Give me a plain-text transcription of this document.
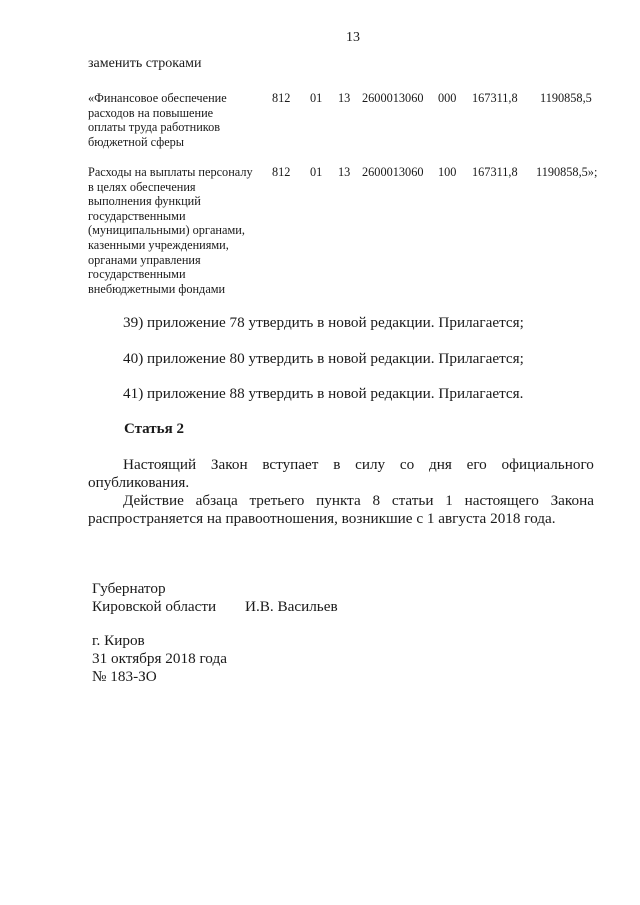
13
заменить строками
«Финансовое обеспечение
расходов на повышение
оплаты труда работников
бюджетной сферы
812 01 13 2600013060 000 167311,8 1190858,5
Расходы на выплаты персоналу
в целях обеспечения
выполнения функций
государственными
(муниципальными) органами,
казенными учреждениями,
органами управления
государственными
внебюджетными фондами
812 01 13 2600013060 100 167311,8 1190858,5»;
39) приложение 78 утвердить в новой редакции. Прилагается;
40) приложение 80 утвердить в новой редакции. Прилагается;
41) приложение 88 утвердить в новой редакции. Прилагается.
Статья 2
Настоящий Закон вступает в силу со дня его официального
опубликования.
Действие абзаца третьего пункта 8 статьи 1 настоящего Закона
распространяется на правоотношения, возникшие с 1 августа 2018 года.
Губернатор
Кировской области И.В. Васильев
г. Киров
31 октября 2018 года
№ 183-ЗО
